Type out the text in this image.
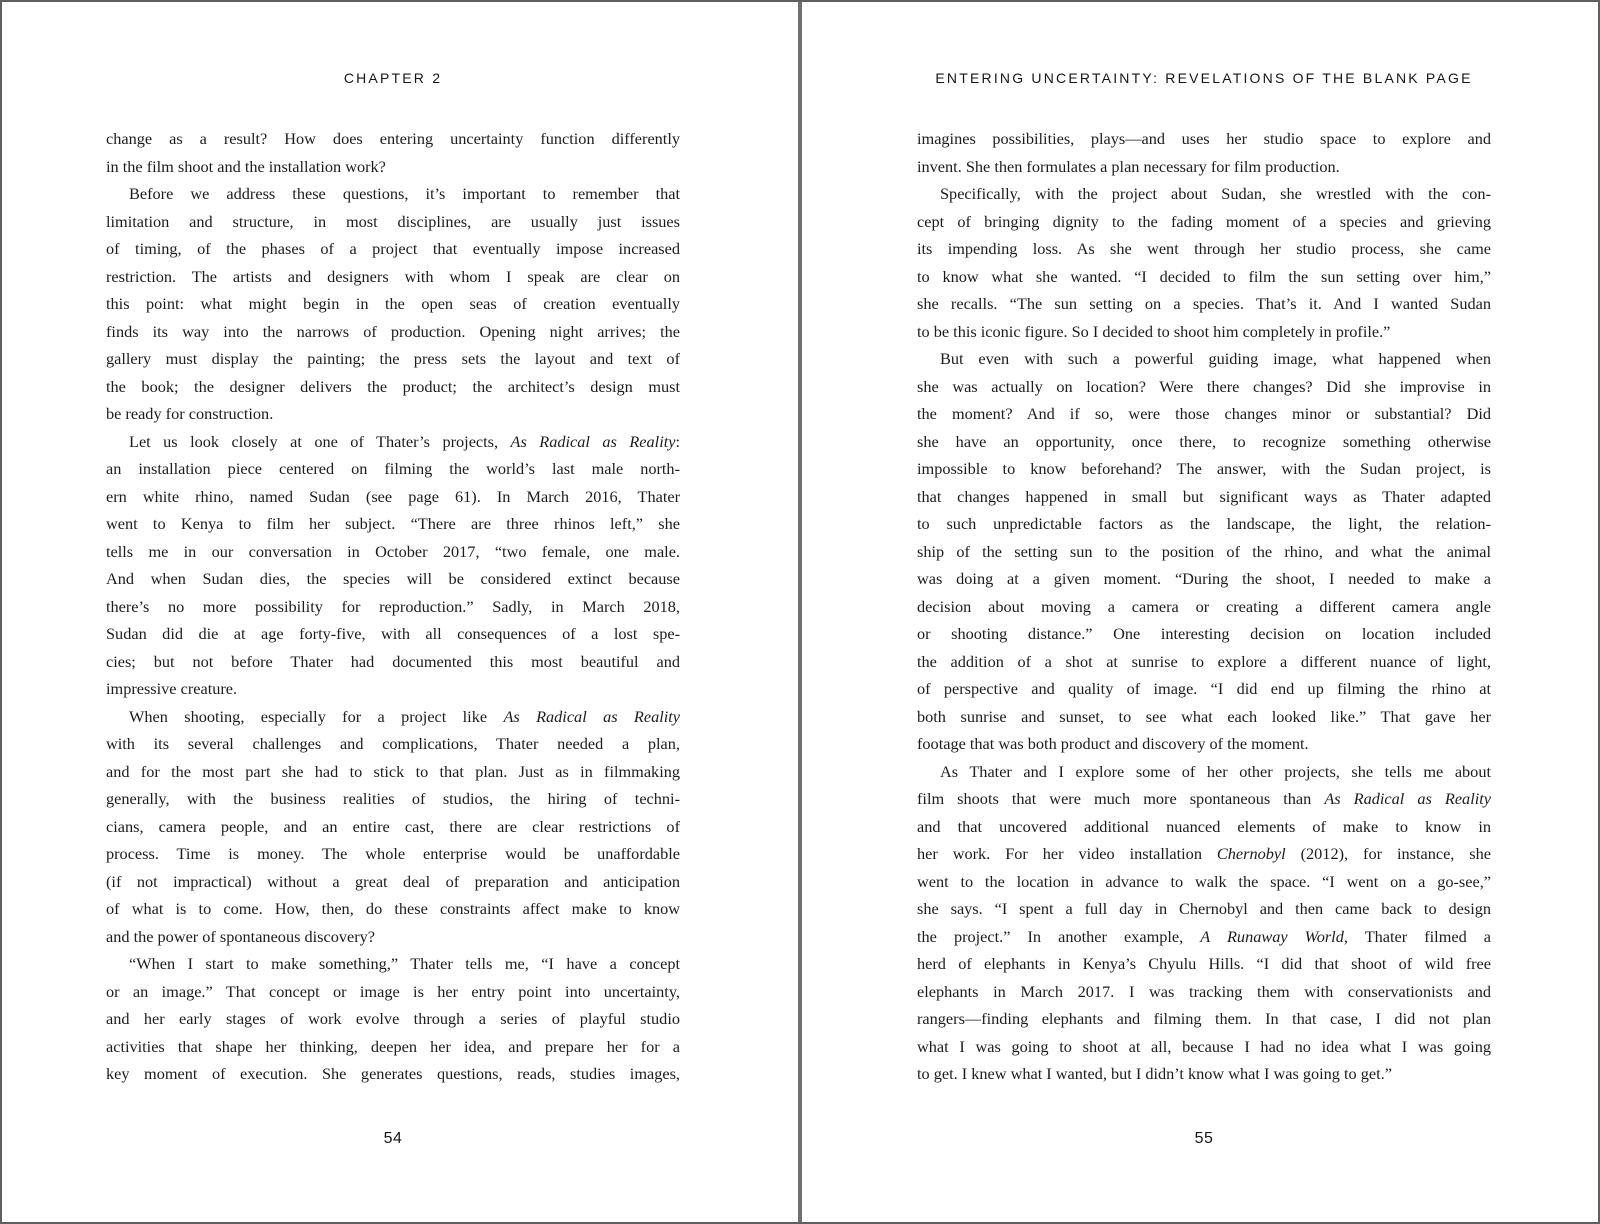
CHAPTER 2
change as a result? How does entering uncertainty function differently
in the film shoot and the installation work?
Before we address these questions, it’s important to remember that
limitation and structure, in most disciplines, are usually just issues
of timing, of the phases of a project that eventually impose increased
restriction. The artists and designers with whom I speak are clear on
this point: what might begin in the open seas of creation eventually
finds its way into the narrows of production. Opening night arrives; the
gallery must display the painting; the press sets the layout and text of
the book; the designer delivers the product; the architect’s design must
be ready for construction.
Let us look closely at one of Thater’s projects, As Radical as Reality:
an installation piece centered on filming the world’s last male north-
ern white rhino, named Sudan (see page 61). In March 2016, Thater
went to Kenya to film her subject. “There are three rhinos left,” she
tells me in our conversation in October 2017, “two female, one male.
And when Sudan dies, the species will be considered extinct because
there’s no more possibility for reproduction.” Sadly, in March 2018,
Sudan did die at age forty-five, with all consequences of a lost spe-
cies; but not before Thater had documented this most beautiful and
impressive creature.
When shooting, especially for a project like As Radical as Reality
with its several challenges and complications, Thater needed a plan,
and for the most part she had to stick to that plan. Just as in filmmaking
generally, with the business realities of studios, the hiring of techni-
cians, camera people, and an entire cast, there are clear restrictions of
process. Time is money. The whole enterprise would be unaffordable
(if not impractical) without a great deal of preparation and anticipation
of what is to come. How, then, do these constraints affect make to know
and the power of spontaneous discovery?
“When I start to make something,” Thater tells me, “I have a concept
or an image.” That concept or image is her entry point into uncertainty,
and her early stages of work evolve through a series of playful studio
activities that shape her thinking, deepen her idea, and prepare her for a
key moment of execution. She generates questions, reads, studies images,
54
ENTERING UNCERTAINTY: REVELATIONS OF THE BLANK PAGE
imagines possibilities, plays—and uses her studio space to explore and
invent. She then formulates a plan necessary for film production.
Specifically, with the project about Sudan, she wrestled with the con-
cept of bringing dignity to the fading moment of a species and grieving
its impending loss. As she went through her studio process, she came
to know what she wanted. “I decided to film the sun setting over him,”
she recalls. “The sun setting on a species. That’s it. And I wanted Sudan
to be this iconic figure. So I decided to shoot him completely in profile.”
But even with such a powerful guiding image, what happened when
she was actually on location? Were there changes? Did she improvise in
the moment? And if so, were those changes minor or substantial? Did
she have an opportunity, once there, to recognize something otherwise
impossible to know beforehand? The answer, with the Sudan project, is
that changes happened in small but significant ways as Thater adapted
to such unpredictable factors as the landscape, the light, the relation-
ship of the setting sun to the position of the rhino, and what the animal
was doing at a given moment. “During the shoot, I needed to make a
decision about moving a camera or creating a different camera angle
or shooting distance.” One interesting decision on location included
the addition of a shot at sunrise to explore a different nuance of light,
of perspective and quality of image. “I did end up filming the rhino at
both sunrise and sunset, to see what each looked like.” That gave her
footage that was both product and discovery of the moment.
As Thater and I explore some of her other projects, she tells me about
film shoots that were much more spontaneous than As Radical as Reality
and that uncovered additional nuanced elements of make to know in
her work. For her video installation Chernobyl (2012), for instance, she
went to the location in advance to walk the space. “I went on a go-see,”
she says. “I spent a full day in Chernobyl and then came back to design
the project.” In another example, A Runaway World, Thater filmed a
herd of elephants in Kenya’s Chyulu Hills. “I did that shoot of wild free
elephants in March 2017. I was tracking them with conservationists and
rangers—finding elephants and filming them. In that case, I did not plan
what I was going to shoot at all, because I had no idea what I was going
to get. I knew what I wanted, but I didn’t know what I was going to get.”
55
